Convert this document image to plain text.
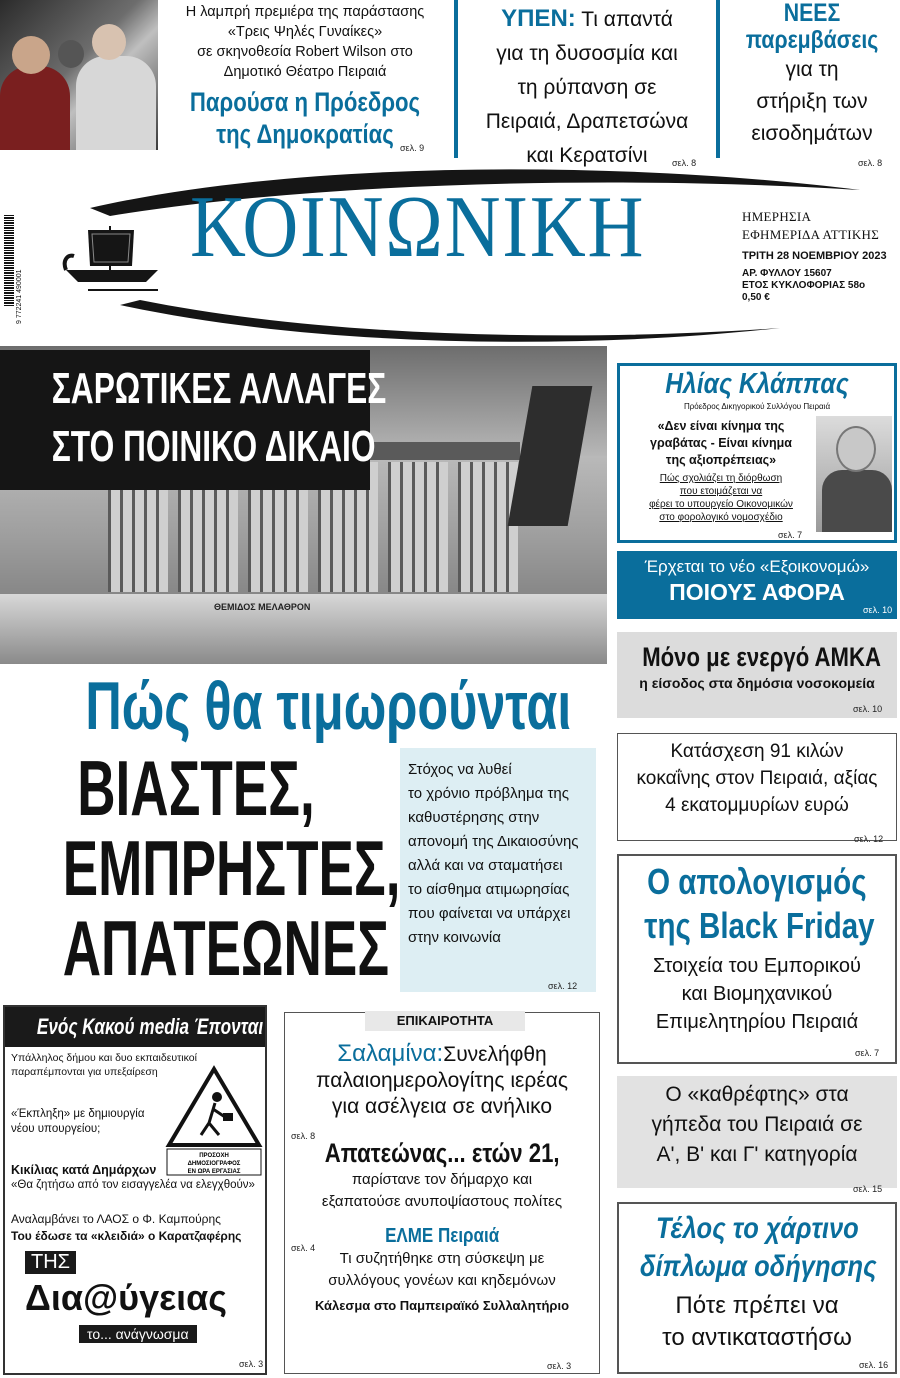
Η λαμπρή πρεμιέρα της παράστασης
«Τρεις Ψηλές Γυναίκες»
σε σκηνοθεσία Robert Wilson στο
Δημοτικό Θέατρο Πειραιά
Παρούσα η Πρόεδρος
της Δημοκρατίας σελ. 9
ΥΠΕΝ: Τι απαντά
για τη δυσοσμία και
τη ρύπανση σε
Πειραιά, Δραπετσώνα
και Κερατσίνι	σελ. 8
ΝΕΕΣ
παρεμβάσεις
για τη
στήριξη των
εισοδημάτων
σελ. 8
9 772241 490001
ΚΟΙΝΩΝΙΚΗ	ΗΜΕΡΗΣΙΑ
ΕΦΗΜΕΡΙΔΑ ΑΤΤΙΚΗΣ
ΤΡΙΤΗ 28 ΝΟΕΜΒΡΙΟΥ 2023
ΑΡ. ΦΥΛΛΟΥ 15607
ΕΤΟΣ ΚΥΚΛΟΦΟΡΙΑΣ 58ο
0,50 €
ΘΕΜΙΔΟΣ ΜΕΛΑΘΡΟΝ
ΣΑΡΩΤΙΚΕΣ ΑΛΛΑΓΕΣ
ΣΤΟ ΠΟΙΝΙΚΟ ΔΙΚΑΙΟ
Πώς θα τιμωρούνται
ΒΙΑΣΤΕΣ,
ΕΜΠΡΗΣΤΕΣ,
ΑΠΑΤΕΩΝΕΣ
Στόχος να λυθεί
το χρόνιο πρόβλημα της
καθυστέρησης στην
απονομή της Δικαιοσύνης
αλλά και να σταματήσει
το αίσθημα ατιμωρησίας
που φαίνεται να υπάρχει
στην κοινωνία
σελ. 12
Ηλίας Κλάππας
Πρόεδρος Δικηγορικού Συλλόγου Πειραιά
«Δεν είναι κίνημα της
γραβάτας - Είναι κίνημα
της αξιοπρέπειας»
Πώς σχολιάζει τη διόρθωση
που ετοιμάζεται να
φέρει το υπουργείο Οικονομικών
στο φορολογικό νομοσχέδιο
σελ. 7
Έρχεται το νέο «Εξοικονομώ»
ΠΟΙΟΥΣ ΑΦΟΡΑ
σελ. 10
Μόνο με ενεργό ΑΜΚΑ
η είσοδος στα δημόσια νοσοκομεία
σελ. 10
Κατάσχεση 91 κιλών
κοκαΐνης στον Πειραιά, αξίας
4 εκατομμυρίων ευρώ
σελ. 12
Ο απολογισμός
της Black Friday
Στοιχεία του Εμπορικού
και Βιομηχανικού
Επιμελητηρίου Πειραιά
σελ. 7
Ο «καθρέφτης» στα
γήπεδα του Πειραιά σε
Α', Β' και Γ' κατηγορία
σελ. 15
Τέλος το χάρτινο
δίπλωμα οδήγησης
Πότε πρέπει να
το αντικαταστήσω
σελ. 16
Ενός Κακού media Έπονται
Υπάλληλος δήμου και δυο εκπαιδευτικοί παραπέμπονται για υπεξαίρεση
«Έκπληξη» με δημιουργία νέου υπουργείου;
Κικίλιας κατά Δημάρχων
«Θα ζητήσω από τον εισαγγελέα να ελεγχθούν»
Αναλαμβάνει το ΛΑΟΣ ο Φ. Καμπούρης
Του έδωσε τα «κλειδιά» ο Καρατζαφέρης
ΠΡΟΣΟΧΗ
ΔΗΜΟΣΙΟΓΡΑΦΟΣ
ΕΝ ΩΡΑ ΕΡΓΑΣΙΑΣ
ΤΗΣ
Δια@ύγειας
το... ανάγνωσμα
σελ. 3
ΕΠΙΚΑΙΡΟΤΗΤΑ
Σαλαμίνα:Συνελήφθη
παλαιοημερολογίτης ιερέας
για ασέλγεια σε ανήλικο
σελ. 8
Απατεώνας... ετών 21,
παρίστανε τον δήμαρχο και
εξαπατούσε ανυποψίαστους πολίτες
σελ. 4
ΕΛΜΕ Πειραιά
Τι συζητήθηκε στη σύσκεψη με
συλλόγους γονέων και κηδεμόνων
Κάλεσμα στο Παμπειραϊκό Συλλαλητήριο
σελ. 3
